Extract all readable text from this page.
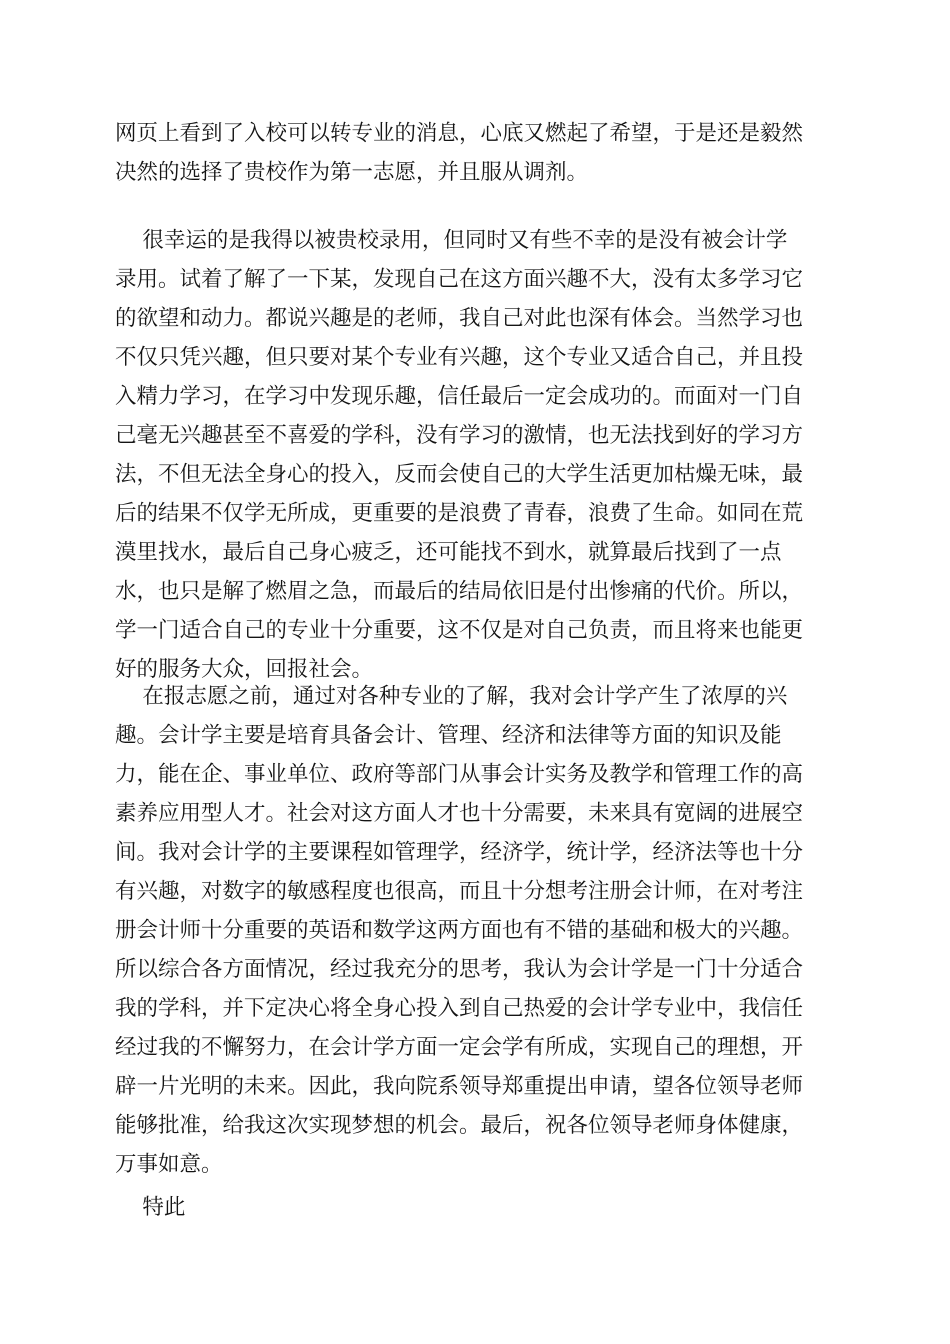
网页上看到了入校可以转专业的消息，心底又燃起了希望，于是还是毅然
决然的选择了贵校作为第一志愿，并且服从调剂。
很幸运的是我得以被贵校录用，但同时又有些不幸的是没有被会计学
录用。试着了解了一下某，发现自己在这方面兴趣不大，没有太多学习它
的欲望和动力。都说兴趣是的老师，我自己对此也深有体会。当然学习也
不仅只凭兴趣，但只要对某个专业有兴趣，这个专业又适合自己，并且投
入精力学习，在学习中发现乐趣，信任最后一定会成功的。而面对一门自
己毫无兴趣甚至不喜爱的学科，没有学习的激情，也无法找到好的学习方
法，不但无法全身心的投入，反而会使自己的大学生活更加枯燥无味，最
后的结果不仅学无所成，更重要的是浪费了青春，浪费了生命。如同在荒
漠里找水，最后自己身心疲乏，还可能找不到水，就算最后找到了一点
水，也只是解了燃眉之急，而最后的结局依旧是付出惨痛的代价。所以，
学一门适合自己的专业十分重要，这不仅是对自己负责，而且将来也能更
好的服务大众，回报社会。
在报志愿之前，通过对各种专业的了解，我对会计学产生了浓厚的兴
趣。会计学主要是培育具备会计、管理、经济和法律等方面的知识及能
力，能在企、事业单位、政府等部门从事会计实务及教学和管理工作的高
素养应用型人才。社会对这方面人才也十分需要，未来具有宽阔的进展空
间。我对会计学的主要课程如管理学，经济学，统计学，经济法等也十分
有兴趣，对数字的敏感程度也很高，而且十分想考注册会计师，在对考注
册会计师十分重要的英语和数学这两方面也有不错的基础和极大的兴趣。
所以综合各方面情况，经过我充分的思考，我认为会计学是一门十分适合
我的学科，并下定决心将全身心投入到自己热爱的会计学专业中，我信任
经过我的不懈努力，在会计学方面一定会学有所成，实现自己的理想，开
辟一片光明的未来。因此，我向院系领导郑重提出申请，望各位领导老师
能够批准，给我这次实现梦想的机会。最后，祝各位领导老师身体健康，
万事如意。
特此
